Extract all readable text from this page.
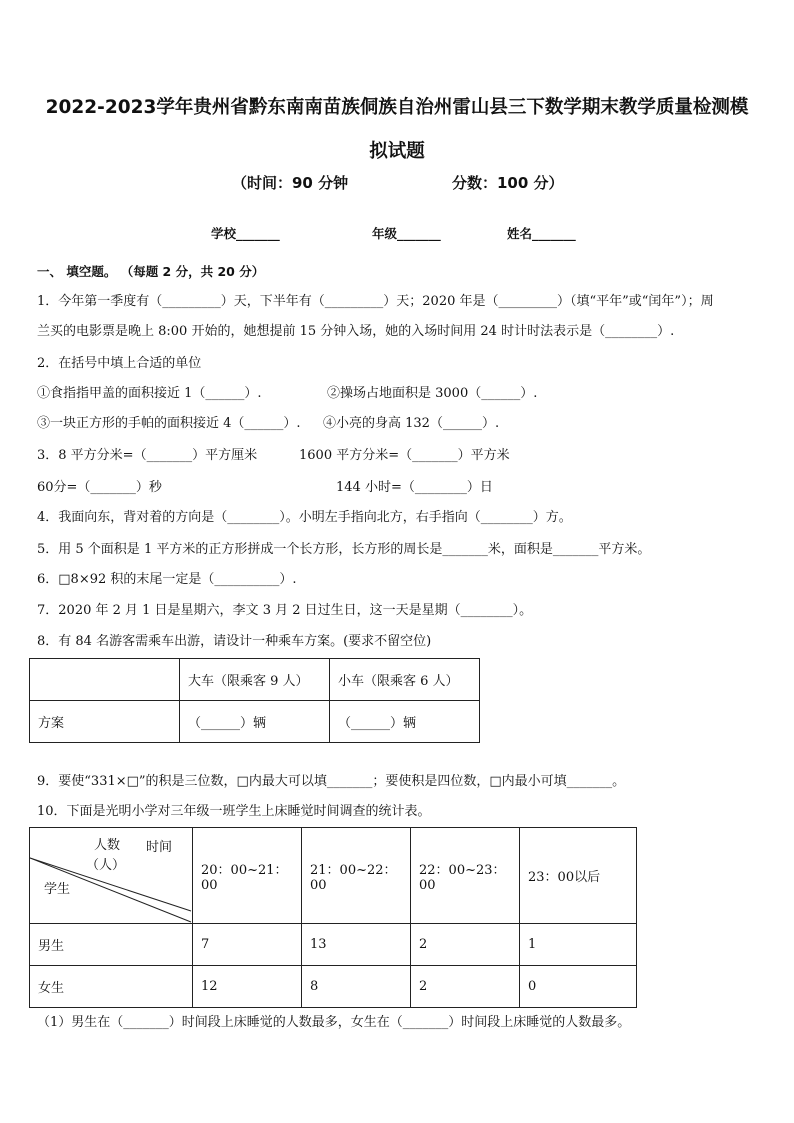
2022-2023学年贵州省黔东南南苗族侗族自治州雷山县三下数学期末教学质量检测模
拟试题
（时间：90 分钟	分数：100 分）
学校_______	年级_______	姓名_______
一、 填空题。 （每题 2 分，共 20 分）
1．今年第一季度有（_________）天，下半年有（_________）天；2020 年是（_________）（填“平年”或“闰年”）；周
兰买的电影票是晚上 8:00 开始的，她想提前 15 分钟入场，她的入场时间用 24 时计时法表示是（________）.
2．在括号中填上合适的单位
①食指指甲盖的面积接近 1（______）.	②操场占地面积是 3000（______）.
③一块正方形的手帕的面积接近 4（______）. ④小亮的身高 132（______）.
3．8 平方分米=（_______）平方厘米	1600 平方分米=（_______）平方米
60分=（_______）秒	144 小时=（________）日
4．我面向东，背对着的方向是（________）。小明左手指向北方，右手指向（________）方。
5．用 5 个面积是 1 平方米的正方形拼成一个长方形，长方形的周长是_______米，面积是_______平方米。
6．□8×92 积的末尾一定是（__________）.
7．2020 年 2 月 1 日是星期六，李文 3 月 2 日过生日，这一天是星期（________）。
8．有 84 名游客需乘车出游，请设计一种乘车方案。(要求不留空位)
	大车（限乘客 9 人）	小车（限乘客 6 人）
方案	（______）辆	（______）辆
9．要使“331×□”的积是三位数，□内最大可以填_______；要使积是四位数，□内最小可填_______。
10．下面是光明小学对三年级一班学生上床睡觉时间调查的统计表。
人数
（人）
时间
学生	20：00~21：00	21：00~22：00	22：00~23：00	23：00以后
男生	7	13	2	1
女生	12	8	2	0
（1）男生在（_______）时间段上床睡觉的人数最多，女生在（_______）时间段上床睡觉的人数最多。
